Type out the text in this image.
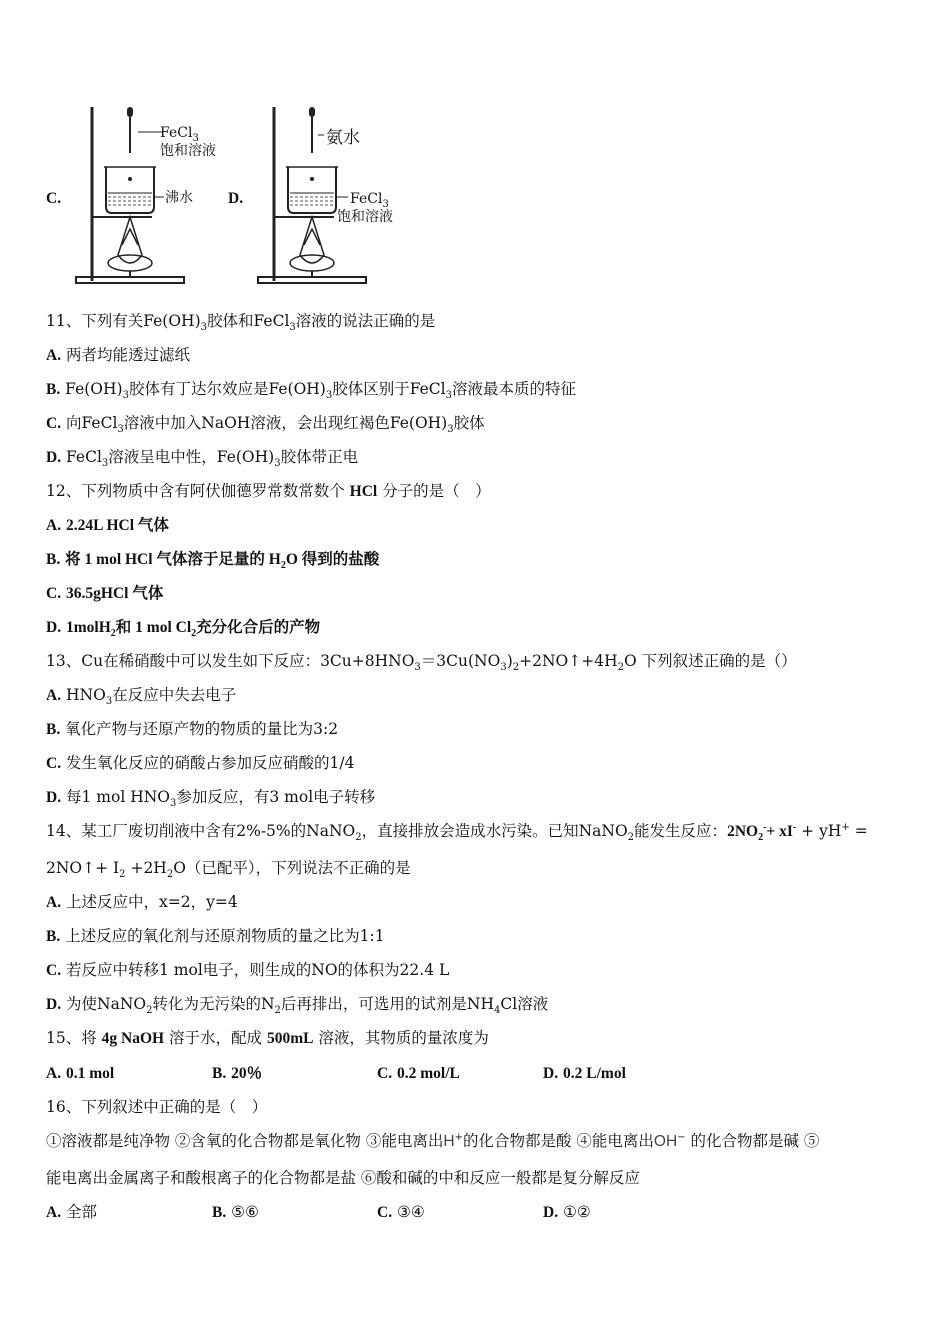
C.
FeCl$_3$
饱和溶液
沸水 D.
氨水
FeCl$_3$
饱和溶液
11、下列有关$Fe(OH)_3$胶体和FeCl$_3$溶液的说法正确的是
A. 两者均能透过滤纸
B. $Fe(OH)_3$胶体有丁达尔效应是$Fe(OH)_3$胶体区别于FeCl$_3$溶液最本质的特征
C. 向FeCl$_3$溶液中加入NaOH溶液，会出现红褐色$Fe(OH)_3$胶体
D. FeCl$_3$溶液呈电中性，$Fe(OH)_3$胶体带正电
12、下列物质中含有阿伏伽德罗常数常数个 HCl 分子的是（　）
A. 2.24L HCl 气体
B. 将 1 mol HCl 气体溶于足量的 $H_2O$ 得到的盐酸
C. 36.5gHCl 气体
D. 1molH$_2$和 1 mol $Cl_2$充分化合后的产物
13、Cu在稀硝酸中可以发生如下反应：$3Cu+8HNO_3=3Cu(NO_3)_2+2NO↑+4H_2O$ 下列叙述正确的是（）
A. $HNO_3$在反应中失去电子
B. 氧化产物与还原产物的物质的量比为3:2
C. 发生氧化反应的硝酸占参加反应硝酸的1/4
D. 每1 mol $HNO_3$参加反应，有3 mol电子转移
14、某工厂废切削液中含有2%-5%的NaNO$_2$，直接排放会造成水污染。已知NaNO$_2$能发生反应：$2NO_2^-+ xI^- + yH^+$ =
2NO↑+ $I_2 +2H_2O$（已配平），下列说法不正确的是
A. 上述反应中，x=2，y=4
B. 上述反应的氧化剂与还原剂物质的量之比为1:1
C. 若反应中转移1 mol电子，则生成的NO的体积为22.4 L
D. 为使NaNO$_2$转化为无污染的$N_2$后再排出，可选用的试剂是$NH_4Cl$溶液
15、将 4g NaOH 溶于水，配成 500mL 溶液，其物质的量浓度为
A. 0.1 mol	B. 20％	C. 0.2 mol/L	D. 0.2 L/mol
16、下列叙述中正确的是（　）
①溶液都是纯净物 ②含氧的化合物都是氧化物 ③能电离出H+的化合物都是酸 ④能电离出OH− 的化合物都是碱 ⑤
能电离出金属离子和酸根离子的化合物都是盐 ⑥酸和碱的中和反应一般都是复分解反应
A. 全部	B. ⑤⑥	C. ③④	D. ①②
